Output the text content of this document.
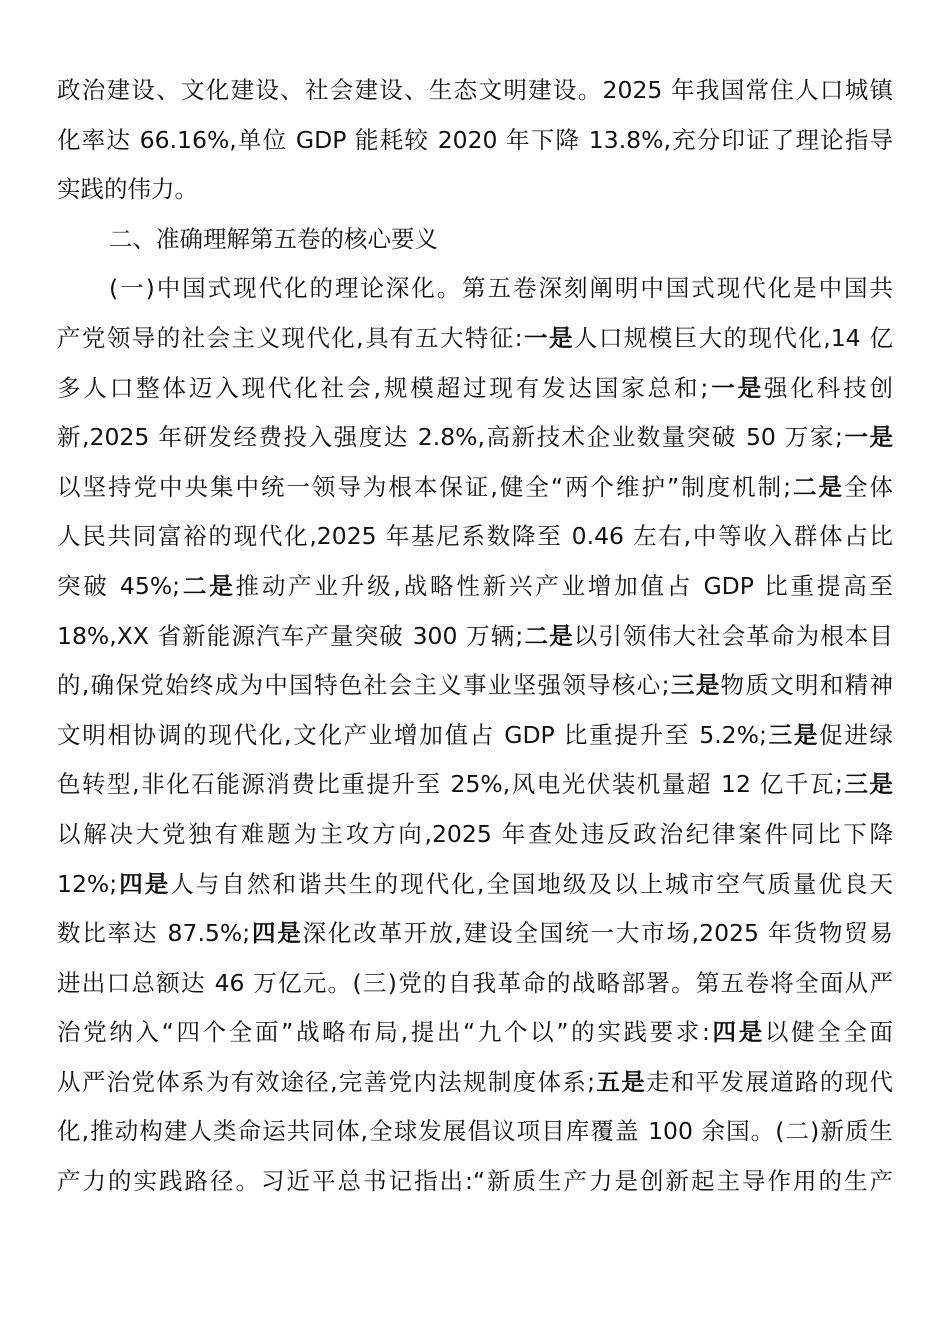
政治建设、文化建设、社会建设、生态文明建设。2025 年我国常住人口城镇
化率达 66.16%,单位 GDP 能耗较 2020 年下降 13.8%,充分印证了理论指导
实践的伟力。
二、准确理解第五卷的核心要义
(一)中国式现代化的理论深化。第五卷深刻阐明中国式现代化是中国共
产党领导的社会主义现代化,具有五大特征:一是人口规模巨大的现代化,14 亿
多人口整体迈入现代化社会,规模超过现有发达国家总和;一是强化科技创
新,2025 年研发经费投入强度达 2.8%,高新技术企业数量突破 50 万家;一是
以坚持党中央集中统一领导为根本保证,健全“两个维护”制度机制;二是全体
人民共同富裕的现代化,2025 年基尼系数降至 0.46 左右,中等收入群体占比
突破 45%;二是推动产业升级,战略性新兴产业增加值占 GDP 比重提高至
18%,XX 省新能源汽车产量突破 300 万辆;二是以引领伟大社会革命为根本目
的,确保党始终成为中国特色社会主义事业坚强领导核心;三是物质文明和精神
文明相协调的现代化,文化产业增加值占 GDP 比重提升至 5.2%;三是促进绿
色转型,非化石能源消费比重提升至 25%,风电光伏装机量超 12 亿千瓦;三是
以解决大党独有难题为主攻方向,2025 年查处违反政治纪律案件同比下降
12%;四是人与自然和谐共生的现代化,全国地级及以上城市空气质量优良天
数比率达 87.5%;四是深化改革开放,建设全国统一大市场,2025 年货物贸易
进出口总额达 46 万亿元。(三)党的自我革命的战略部署。第五卷将全面从严
治党纳入“四个全面”战略布局,提出“九个以”的实践要求:四是以健全全面
从严治党体系为有效途径,完善党内法规制度体系;五是走和平发展道路的现代
化,推动构建人类命运共同体,全球发展倡议项目库覆盖 100 余国。(二)新质生
产力的实践路径。习近平总书记指出:“新质生产力是创新起主导作用的生产
